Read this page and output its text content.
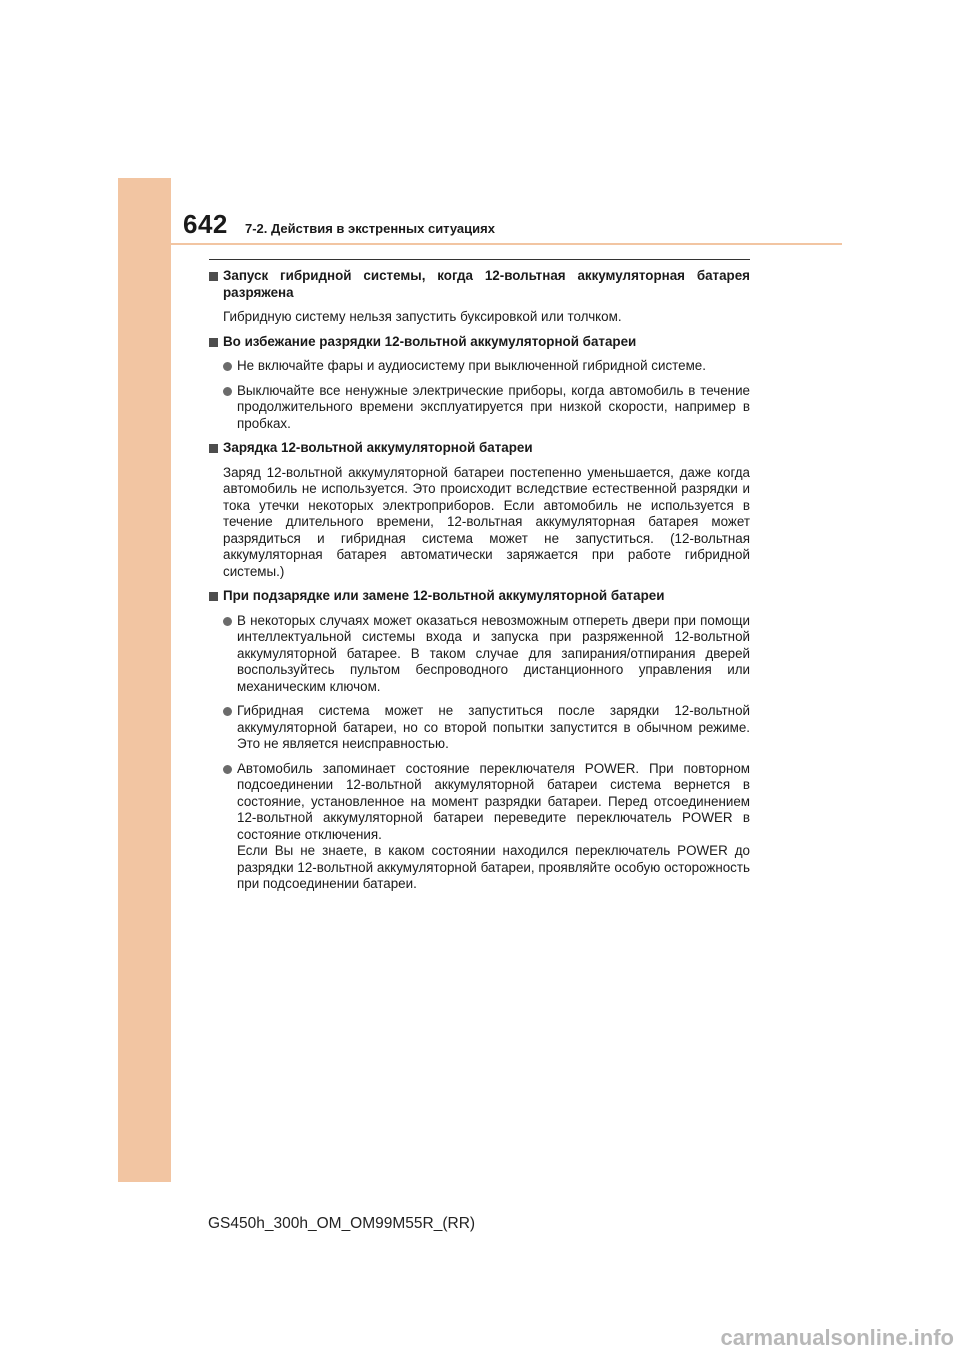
642 7-2. Действия в экстренных ситуациях
Запуск гибридной системы, когда 12-вольтная аккумуляторная батарея разряжена
Гибридную систему нельзя запустить буксировкой или толчком.
Во избежание разрядки 12-вольтной аккумуляторной батареи
Не включайте фары и аудиосистему при выключенной гибридной системе.
Выключайте все ненужные электрические приборы, когда автомобиль в течение продолжительного времени эксплуатируется при низкой скорости, например в пробках.
Зарядка 12-вольтной аккумуляторной батареи
Заряд 12-вольтной аккумуляторной батареи постепенно уменьшается, даже когда автомобиль не используется. Это происходит вследствие естественной разрядки и тока утечки некоторых электроприборов. Если автомобиль не используется в течение длительного времени, 12-вольтная аккумуляторная батарея может разрядиться и гибридная система может не запуститься. (12-вольтная аккумуляторная батарея автоматически заряжается при работе гибридной системы.)
При подзарядке или замене 12-вольтной аккумуляторной батареи
В некоторых случаях может оказаться невозможным отпереть двери при помощи интеллектуальной системы входа и запуска при разряженной 12-вольтной аккумуляторной батарее. В таком случае для запирания/отпирания дверей воспользуйтесь пультом беспроводного дистанционного управления или механическим ключом.
Гибридная система может не запуститься после зарядки 12-вольтной аккумуляторной батареи, но со второй попытки запустится в обычном режиме. Это не является неисправностью.
Автомобиль запоминает состояние переключателя POWER. При повторном подсоединении 12-вольтной аккумуляторной батареи система вернется в состояние, установленное на момент разрядки батареи. Перед отсоединением 12-вольтной аккумуляторной батареи переведите переключатель POWER в состояние отключения.
Если Вы не знаете, в каком состоянии находился переключатель POWER до разрядки 12-вольтной аккумуляторной батареи, проявляйте особую осторожность при подсоединении батареи.
GS450h_300h_OM_OM99M55R_(RR)
carmanualsonline.info
